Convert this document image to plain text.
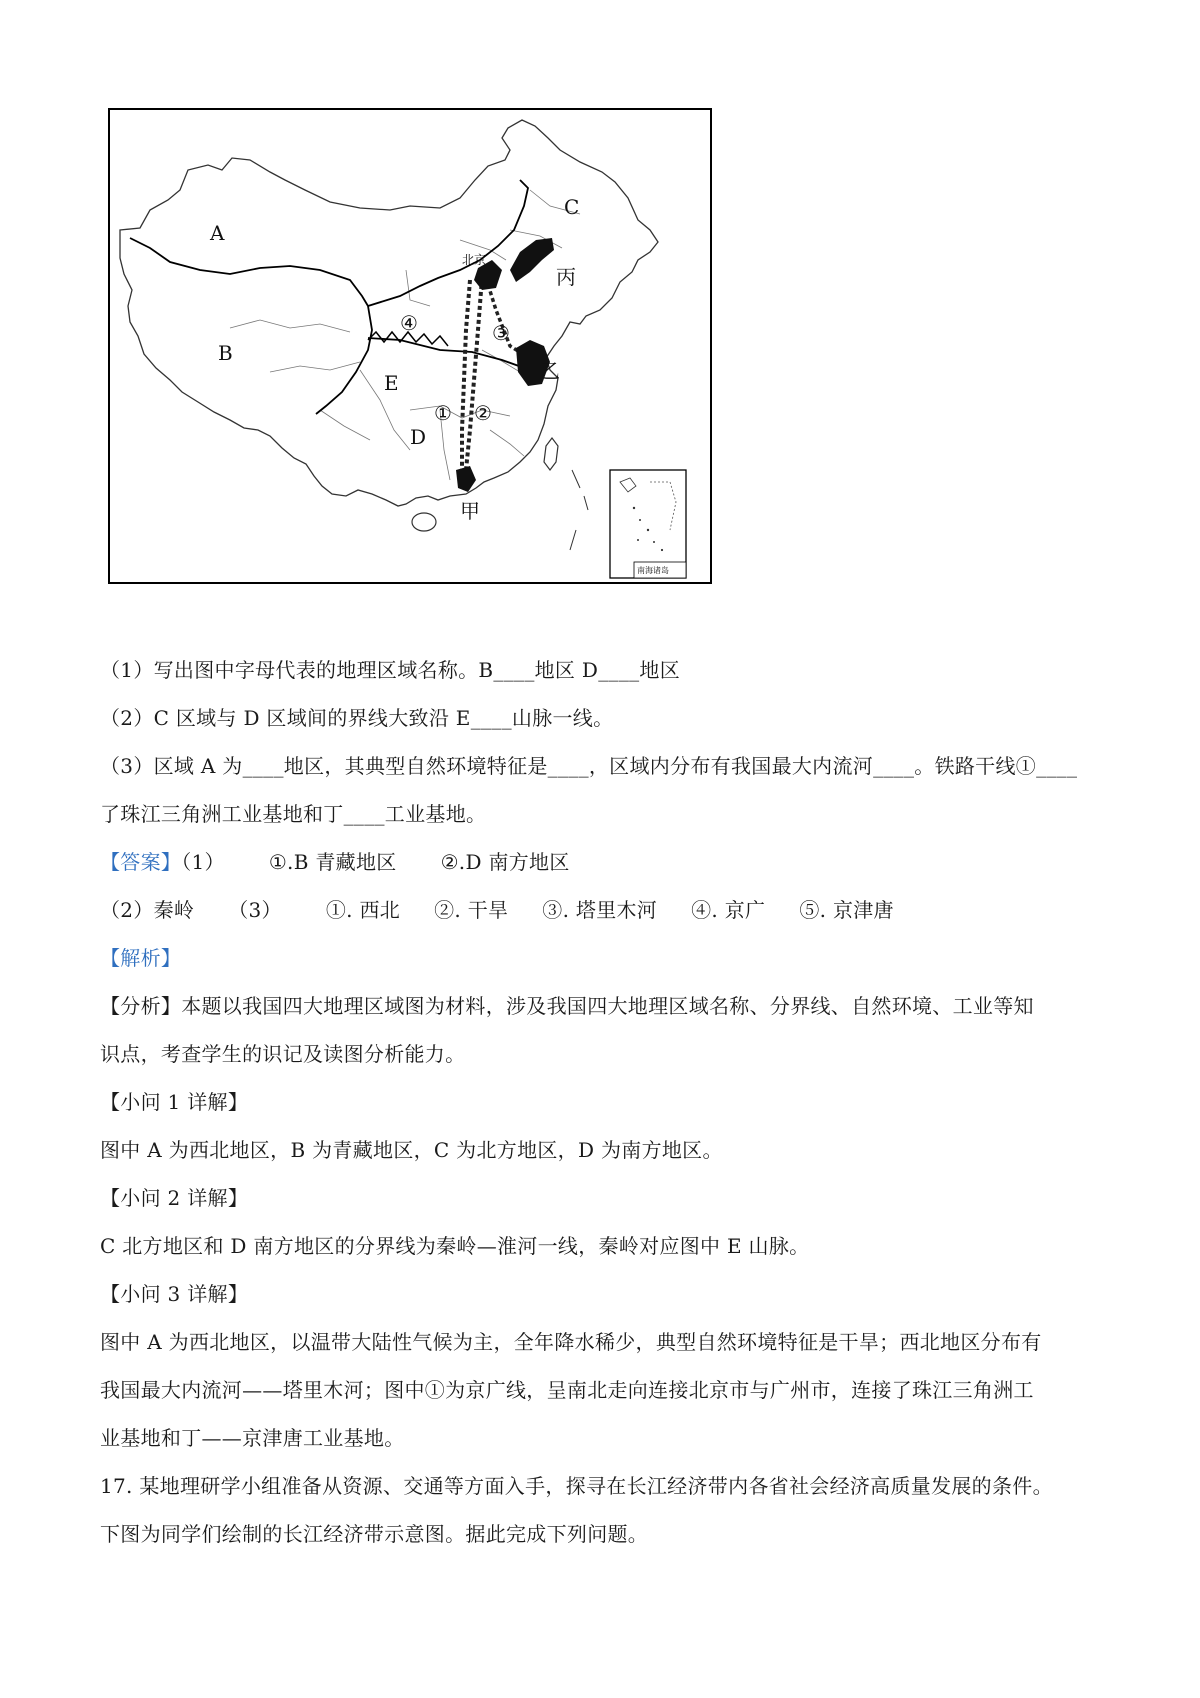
南海诸岛
A
B
C
D
E
北京
丙
乙
甲
① ②
③
④
（1）写出图中字母代表的地理区域名称。B____地区 D____地区
（2）C 区域与 D 区域间的界线大致沿 E____山脉一线。
（3）区域 A 为____地区，其典型自然环境特征是____，区域内分布有我国最大内流河____。铁路干线①____
了珠江三角洲工业基地和丁____工业基地。
【答案】（1） ①.B 青藏地区 ②.D 南方地区
（2）秦岭 （3） ①. 西北 ②. 干旱 ③. 塔里木河 ④. 京广 ⑤. 京津唐
【解析】
【分析】本题以我国四大地理区域图为材料，涉及我国四大地理区域名称、分界线、自然环境、工业等知
识点，考查学生的识记及读图分析能力。
【小问 1 详解】
图中 A 为西北地区，B 为青藏地区，C 为北方地区，D 为南方地区。
【小问 2 详解】
C 北方地区和 D 南方地区的分界线为秦岭—淮河一线，秦岭对应图中 E 山脉。
【小问 3 详解】
图中 A 为西北地区，以温带大陆性气候为主，全年降水稀少，典型自然环境特征是干旱；西北地区分布有
我国最大内流河——塔里木河；图中①为京广线，呈南北走向连接北京市与广州市，连接了珠江三角洲工
业基地和丁——京津唐工业基地。
17. 某地理研学小组准备从资源、交通等方面入手，探寻在长江经济带内各省社会经济高质量发展的条件。
下图为同学们绘制的长江经济带示意图。据此完成下列问题。
